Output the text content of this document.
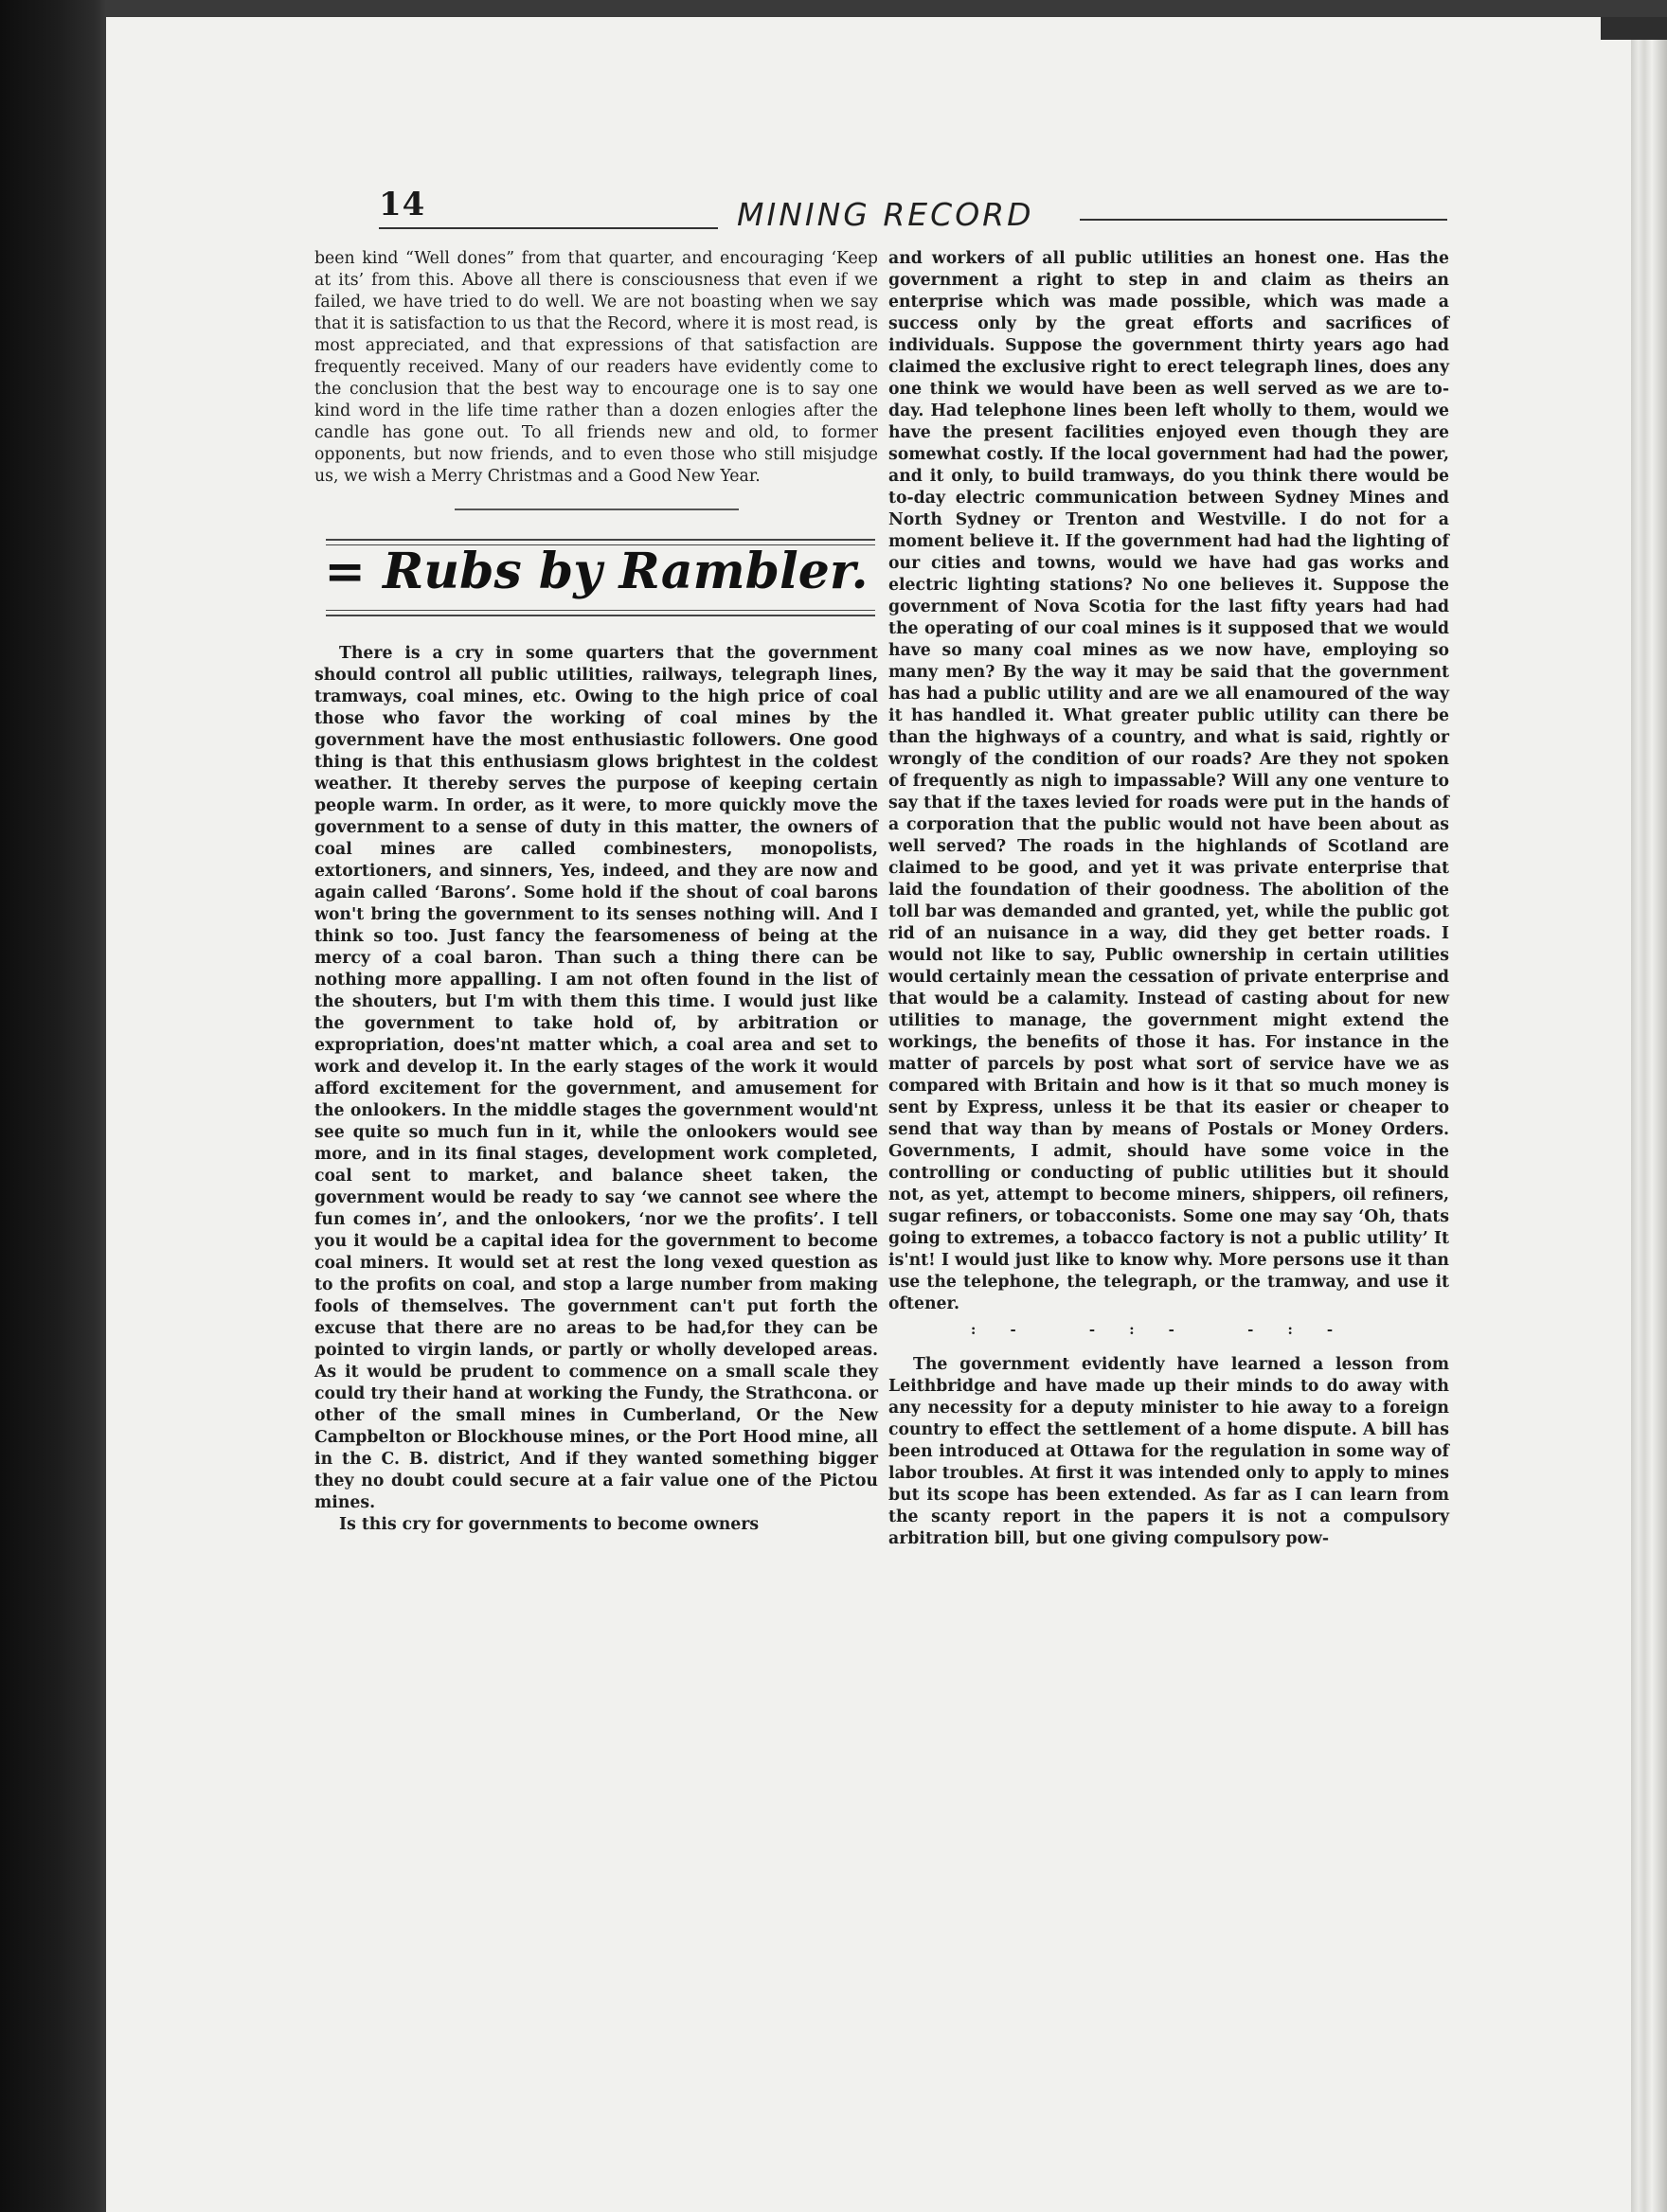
14	MINING RECORD

been kind “Well dones” from that quarter, and encouraging ‘Keep at its’ from this. Above all there is consciousness that even if we failed, we have tried to do well. We are not boasting when we say that it is satisfaction to us that the Record, where it is most read, is most appreciated, and that expressions of that satisfaction are frequently received. Many of our readers have evidently come to the conclusion that the best way to encourage one is to say one kind word in the life time rather than a dozen enlogies after the candle has gone out. To all friends new and old, to former opponents, but now friends, and to even those who still misjudge us, we wish a Merry Christmas and a Good New Year.

= Rubs by Rambler.

There is a cry in some quarters that the government should control all public utilities, railways, telegraph lines, tramways, coal mines, etc. Owing to the high price of coal those who favor the working of coal mines by the government have the most enthusiastic followers. One good thing is that this enthusiasm glows brightest in the coldest weather. It thereby serves the purpose of keeping certain people warm. In order, as it were, to more quickly move the government to a sense of duty in this matter, the owners of coal mines are called combinesters, monopolists, extortioners, and sinners, Yes, indeed, and they are now and again called ‘Barons’. Some hold if the shout of coal barons won't bring the government to its senses nothing will. And I think so too. Just fancy the fearsomeness of being at the mercy of a coal baron. Than such a thing there can be nothing more appalling. I am not often found in the list of the shouters, but I'm with them this time. I would just like the government to take hold of, by arbitration or expropriation, does'nt matter which, a coal area and set to work and develop it. In the early stages of the work it would afford excitement for the government, and amusement for the onlookers. In the middle stages the government would'nt see quite so much fun in it, while the onlookers would see more, and in its final stages, development work completed, coal sent to market, and balance sheet taken, the government would be ready to say ‘we cannot see where the fun comes in’, and the onlookers, ‘nor we the profits’. I tell you it would be a capital idea for the government to become coal miners. It would set at rest the long vexed question as to the profits on coal, and stop a large number from making fools of themselves. The government can't put forth the excuse that there are no areas to be had,for they can be pointed to virgin lands, or partly or wholly developed areas. As it would be prudent to commence on a small scale they could try their hand at working the Fundy, the Strathcona. or other of the small mines in Cumberland, Or the New Campbelton or Blockhouse mines, or the Port Hood mine, all in the C. B. district, And if they wanted something bigger they no doubt could secure at a fair value one of the Pictou mines.

Is this cry for governments to become owners

and workers of all public utilities an honest one. Has the government a right to step in and claim as theirs an enterprise which was made possible, which was made a success only by the great efforts and sacrifices of individuals. Suppose the government thirty years ago had claimed the exclusive right to erect telegraph lines, does any one think we would have been as well served as we are to-day. Had telephone lines been left wholly to them, would we have the present facilities enjoyed even though they are somewhat costly. If the local government had had the power, and it only, to build tramways, do you think there would be to-day electric communication between Sydney Mines and North Sydney or Trenton and Westville. I do not for a moment believe it. If the government had had the lighting of our cities and towns, would we have had gas works and electric lighting stations? No one believes it. Suppose the government of Nova Scotia for the last fifty years had had the operating of our coal mines is it supposed that we would have so many coal mines as we now have, employing so many men? By the way it may be said that the government has had a public utility and are we all enamoured of the way it has handled it. What greater public utility can there be than the highways of a country, and what is said, rightly or wrongly of the condition of our roads? Are they not spoken of frequently as nigh to impassable? Will any one venture to say that if the taxes levied for roads were put in the hands of a corporation that the public would not have been about as well served? The roads in the highlands of Scotland are claimed to be good, and yet it was private enterprise that laid the foundation of their goodness. The abolition of the toll bar was demanded and granted, yet, while the public got rid of an nuisance in a way, did they get better roads. I would not like to say, Public ownership in certain utilities would certainly mean the cessation of private enterprise and that would be a calamity. Instead of casting about for new utilities to manage, the government might extend the workings, the benefits of those it has. For instance in the matter of parcels by post what sort of service have we as compared with Britain and how is it that so much money is sent by Express, unless it be that its easier or cheaper to send that way than by means of Postals or Money Orders. Governments, I admit, should have some voice in the controlling or conducting of public utilities but it should not, as yet, attempt to become miners, shippers, oil refiners, sugar refiners, or tobacconists. Some one may say ‘Oh, thats going to extremes, a tobacco factory is not a public utility’ It is'nt! I would just like to know why. More persons use it than use the telephone, the telegraph, or the tramway, and use it oftener.

:- -:- -:-

The government evidently have learned a lesson from Leithbridge and have made up their minds to do away with any necessity for a deputy minister to hie away to a foreign country to effect the settlement of a home dispute. A bill has been introduced at Ottawa for the regulation in some way of labor troubles. At first it was intended only to apply to mines but its scope has been extended. As far as I can learn from the scanty report in the papers it is not a compulsory arbitration bill, but one giving compulsory pow-
